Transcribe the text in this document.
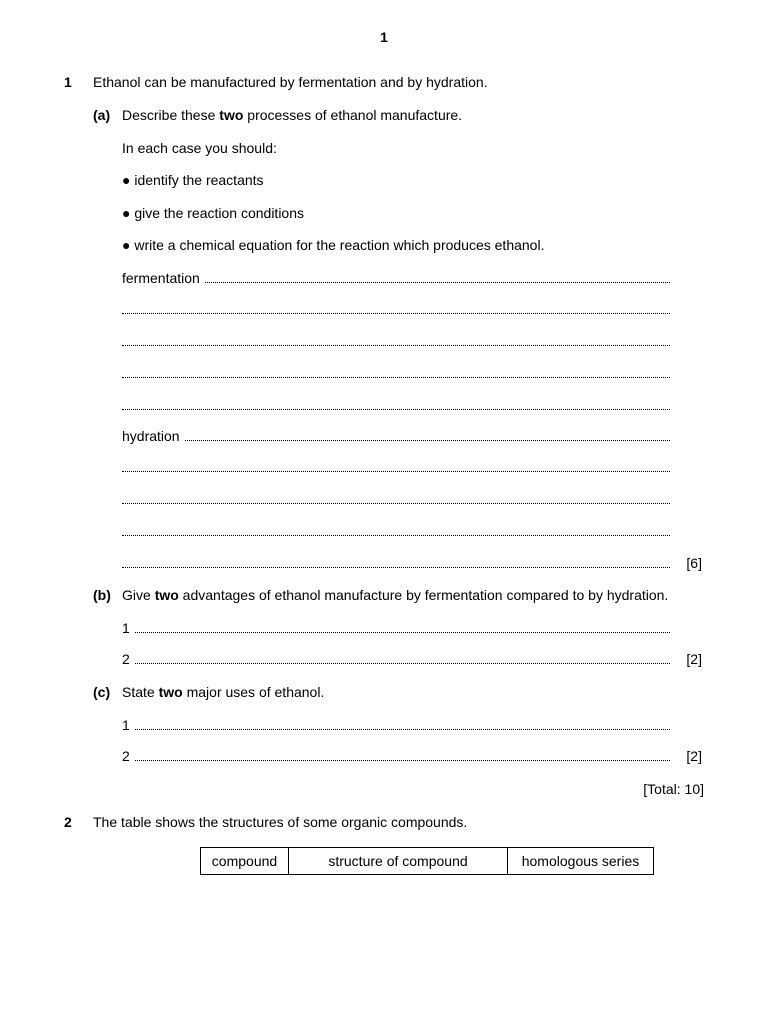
1
1 Ethanol can be manufactured by fermentation and by hydration.
(a) Describe these two processes of ethanol manufacture.
In each case you should:
● identify the reactants
● give the reaction conditions
● write a chemical equation for the reaction which produces ethanol.
fermentation
hydration
[6]
(b) Give two advantages of ethanol manufacture by fermentation compared to by hydration.
1
2	[2]
(c) State two major uses of ethanol.
1
2	[2]
[Total: 10]
2 The table shows the structures of some organic compounds.
compound	structure of compound	homologous series
